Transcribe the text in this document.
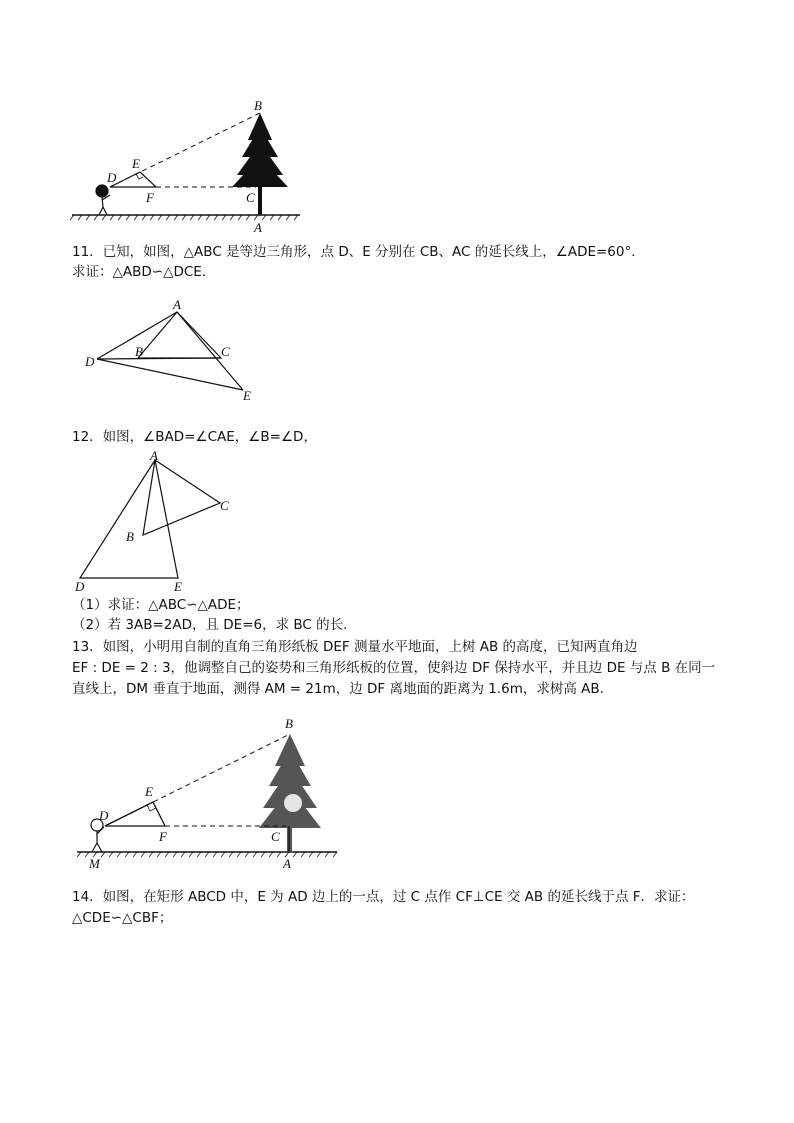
B
E
D
F	C
A
11．已知，如图，△ABC 是等边三角形，点 D、E 分别在 CB、AC 的延长线上，∠ADE=60°．
求证：△ABD∽△DCE．
A
B	C
D
E
12．如图，∠BAD=∠CAE，∠B=∠D，
A
B
C
D	E
（1）求证：△ABC∽△ADE；
（2）若 3AB=2AD，且 DE=6，求 BC 的长．
13．如图，小明用自制的直角三角形纸板 DEF 测量水平地面，上树 AB 的高度，已知两直角边
EF : DE = 2 : 3，他调整自己的姿势和三角形纸板的位置，使斜边 DF 保持水平，并且边 DE 与点 B 在同一
直线上，DM 垂直于地面，测得 AM = 21m，边 DF 离地面的距离为 1.6m，求树高 AB．
B
E
D
F	C
A
M
14．如图，在矩形 ABCD 中，E 为 AD 边上的一点，过 C 点作 CF⊥CE 交 AB 的延长线于点 F．求证：
△CDE∽△CBF；
